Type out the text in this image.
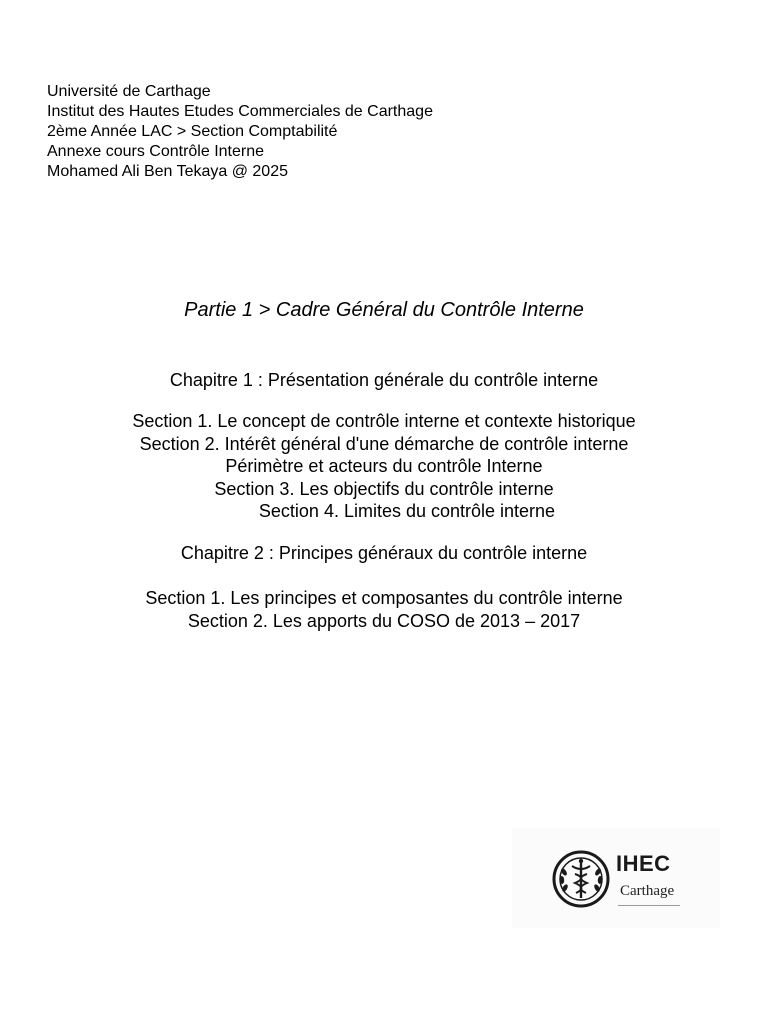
Université de Carthage
Institut des Hautes Etudes Commerciales de Carthage
2ème Année LAC > Section Comptabilité
Annexe cours Contrôle Interne
Mohamed Ali Ben Tekaya @ 2025
Partie 1 > Cadre Général du Contrôle Interne
Chapitre 1 : Présentation générale du contrôle interne
Section 1. Le concept de contrôle interne et contexte historique
Section 2. Intérêt général d'une démarche de contrôle interne
Périmètre et acteurs du contrôle Interne
Section 3. Les objectifs du contrôle interne
Section 4. Limites du contrôle interne
Chapitre 2 : Principes généraux du contrôle interne
Section 1. Les principes et composantes du contrôle interne
Section 2. Les apports du COSO de 2013 – 2017
IHEC
Carthage
